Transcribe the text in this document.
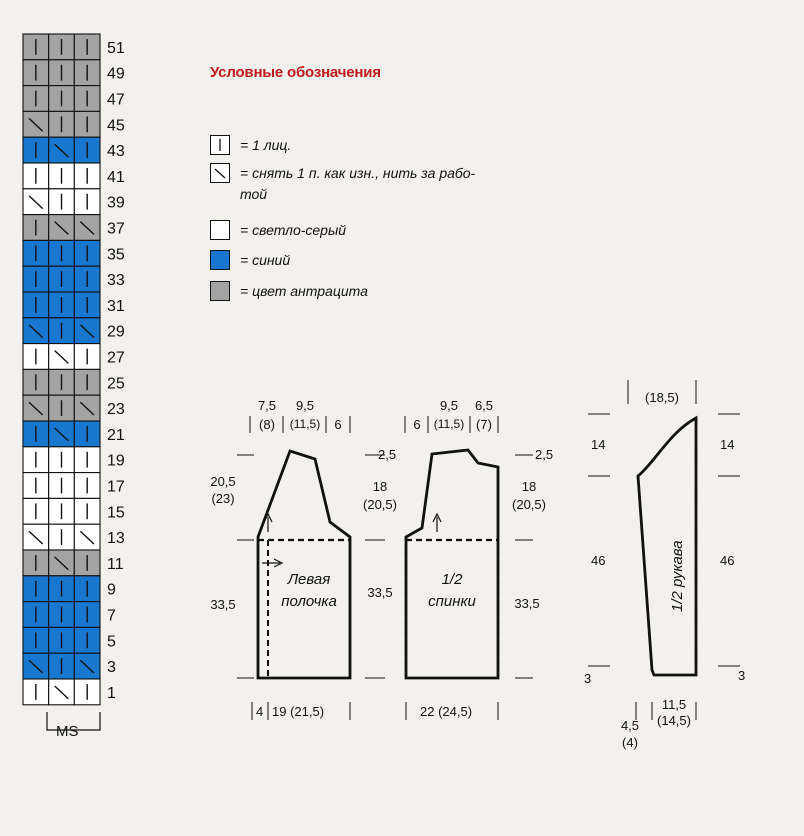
51
49
47
45
43
41
39
37
35
33
31
29
27
25
23
21
19
17
15
13
11
9
7
5
3
1
MS
1/2 рукава
Условные обозначения
= 1 лиц.
= снять 1 п. как изн., нить за рабо-
той
= светло-серый
= синий
= цвет антрацита
7,5
(8)
9,5
(11,5)	6
20,5
(23)
33,5
4 19 (21,5)
Левая
полочка
6
9,5
(11,5)
6,5
(7)
2,5	2,5
18
(20,5)
18
(20,5)
33,5
33,5
22 (24,5)
1/2
спинки
(18,5)
14	14
46	46
3	3
4,5
(4)
11,5
(14,5)
